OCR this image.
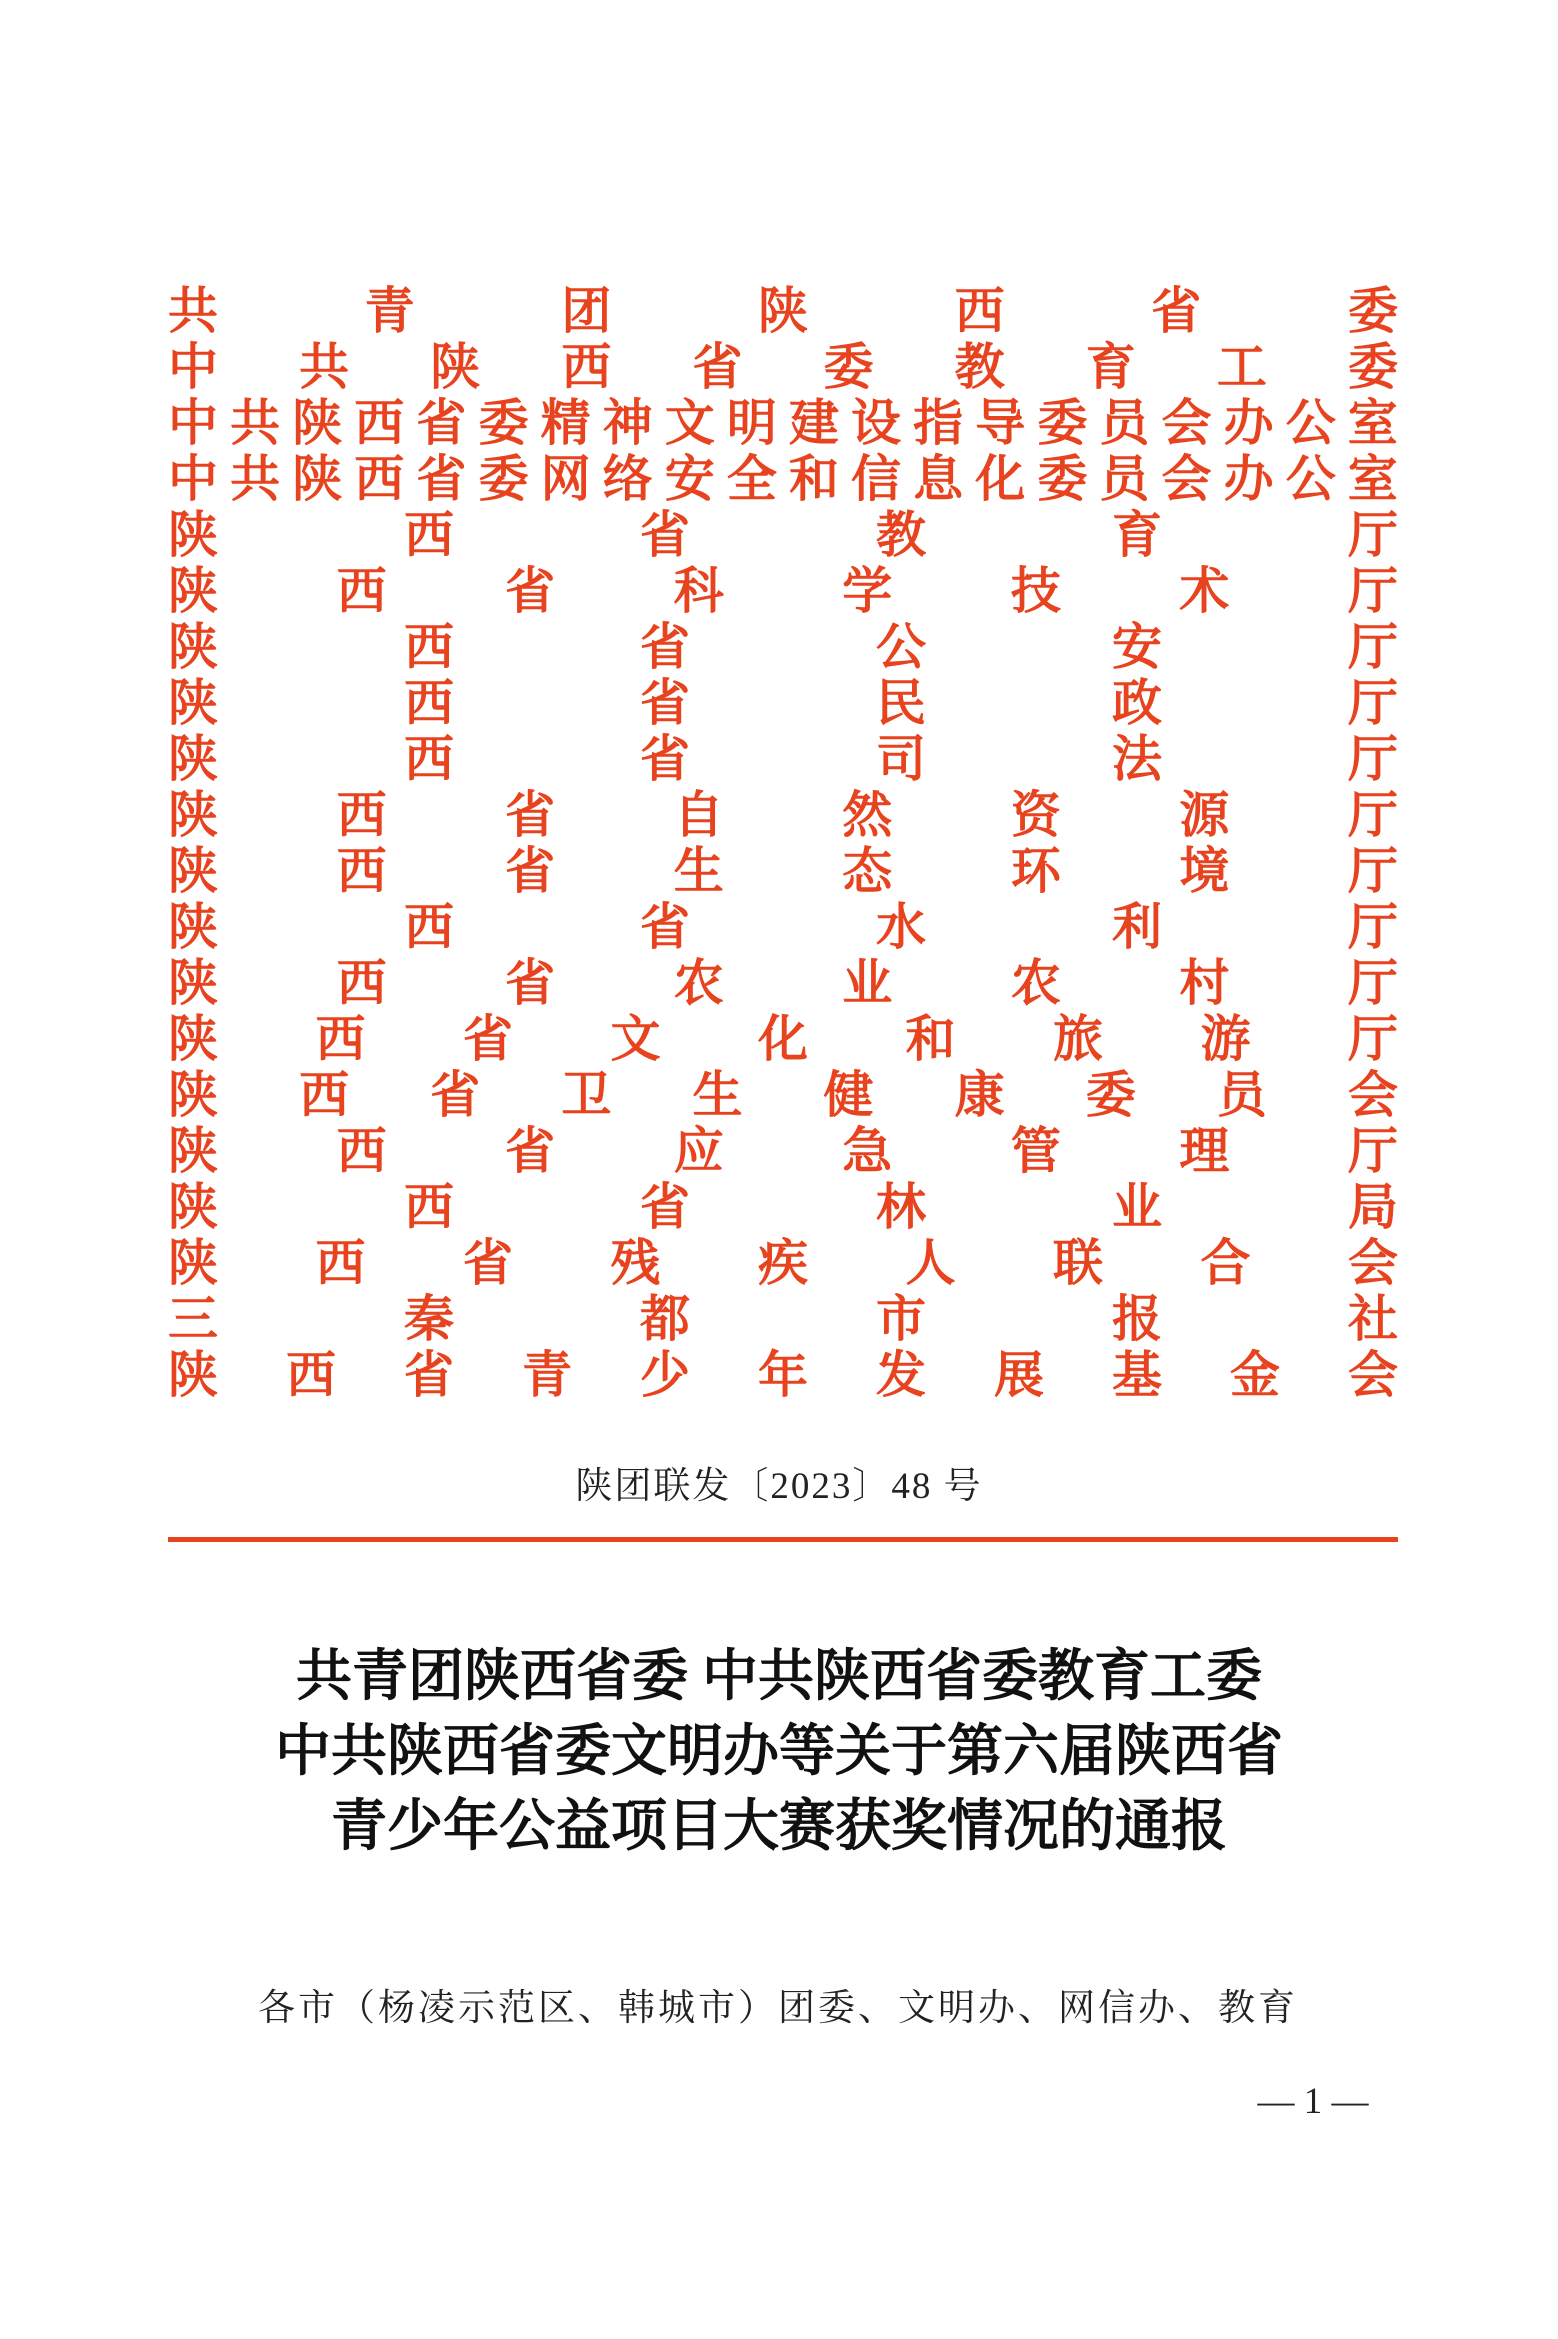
共	青	团	陕	西	省	委
中 共 陕 西 省 委 教 育 工 委
中 共 陕 西 省 委 精 神 文 明 建 设 指 导 委 员 会 办 公 室
中 共 陕 西 省 委 网 络 安 全 和 信 息 化 委 员 会 办 公 室
陕	西	省	教	育	厅
陕 西 省 科 学 技 术 厅
陕	西	省	公	安	厅
陕	西	省	民	政	厅
陕	西	省	司	法	厅
陕 西 省 自 然 资 源 厅
陕 西 省 生 态 环 境 厅
陕	西	省	水	利	厅
陕 西 省 农 业 农 村 厅
陕 西 省 文 化 和 旅 游 厅
陕 西 省 卫 生 健 康 委 员 会
陕 西 省 应 急 管 理 厅
陕	西	省	林	业	局
陕 西 省 残 疾 人 联 合 会
三	秦	都	市	报	社
陕 西 省 青 少 年 发 展 基 金 会
陕团联发〔2023〕48 号
共青团陕西省委 中共陕西省委教育工委
中共陕西省委文明办等关于第六届陕西省
青少年公益项目大赛获奖情况的通报
各市（杨凌示范区、韩城市）团委、文明办、网信办、教育
— 1 —
